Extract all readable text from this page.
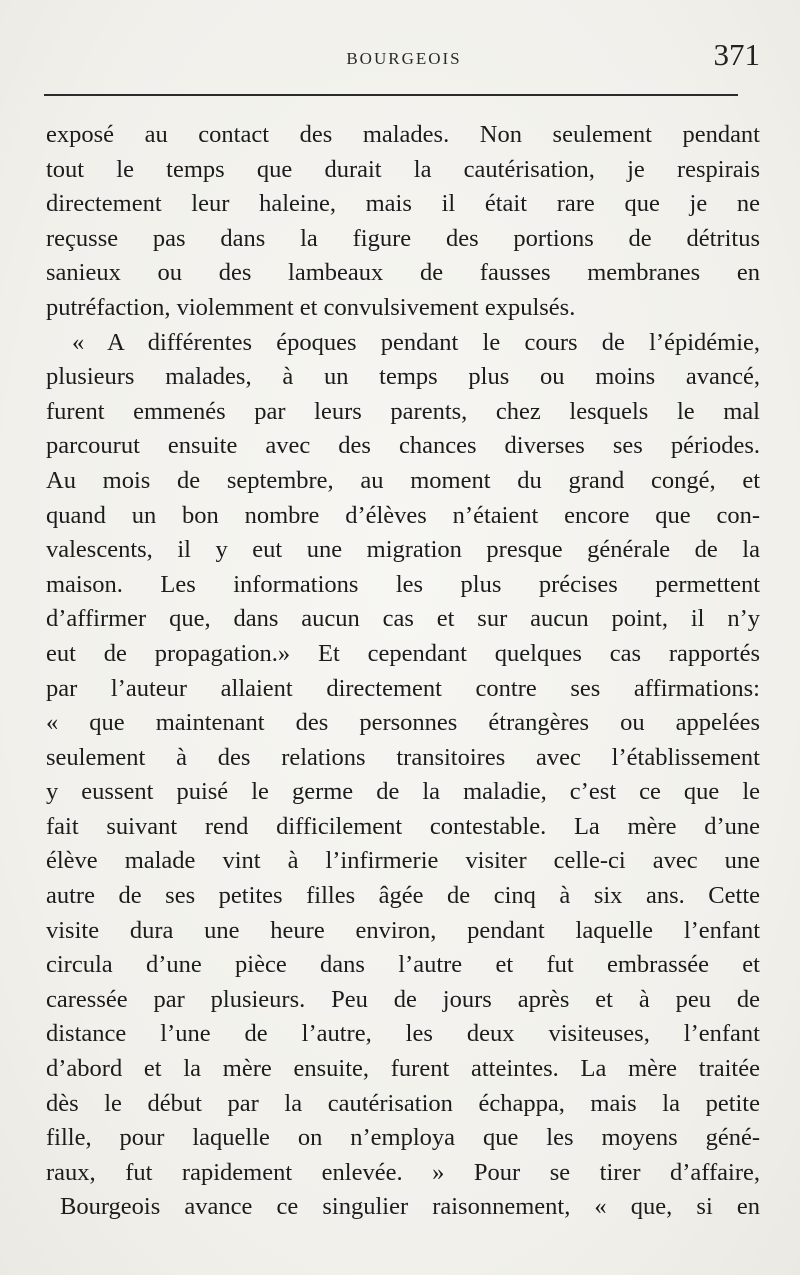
BOURGEOIS	371
exposé au contact des malades. Non seulement pendant
tout le temps que durait la cautérisation, je respirais
directement leur haleine, mais il était rare que je ne
reçusse pas dans la figure des portions de détritus
sanieux ou des lambeaux de fausses membranes en
putréfaction, violemment et convulsivement expulsés.
« A différentes époques pendant le cours de l’épidémie,
plusieurs malades, à un temps plus ou moins avancé,
furent emmenés par leurs parents, chez lesquels le mal
parcourut ensuite avec des chances diverses ses périodes.
Au mois de septembre, au moment du grand congé, et
quand un bon nombre d’élèves n’étaient encore que con-
valescents, il y eut une migration presque générale de la
maison. Les informations les plus précises permettent
d’affirmer que, dans aucun cas et sur aucun point, il n’y
eut de propagation.» Et cependant quelques cas rapportés
par l’auteur allaient directement contre ses affirmations:
« que maintenant des personnes étrangères ou appelées
seulement à des relations transitoires avec l’établissement
y eussent puisé le germe de la maladie, c’est ce que le
fait suivant rend difficilement contestable. La mère d’une
élève malade vint à l’infirmerie visiter celle-ci avec une
autre de ses petites filles âgée de cinq à six ans. Cette
visite dura une heure environ, pendant laquelle l’enfant
circula d’une pièce dans l’autre et fut embrassée et
caressée par plusieurs. Peu de jours après et à peu de
distance l’une de l’autre, les deux visiteuses, l’enfant
d’abord et la mère ensuite, furent atteintes. La mère traitée
dès le début par la cautérisation échappa, mais la petite
fille, pour laquelle on n’employa que les moyens géné-
raux, fut rapidement enlevée. » Pour se tirer d’affaire,
Bourgeois avance ce singulier raisonnement, « que, si en
